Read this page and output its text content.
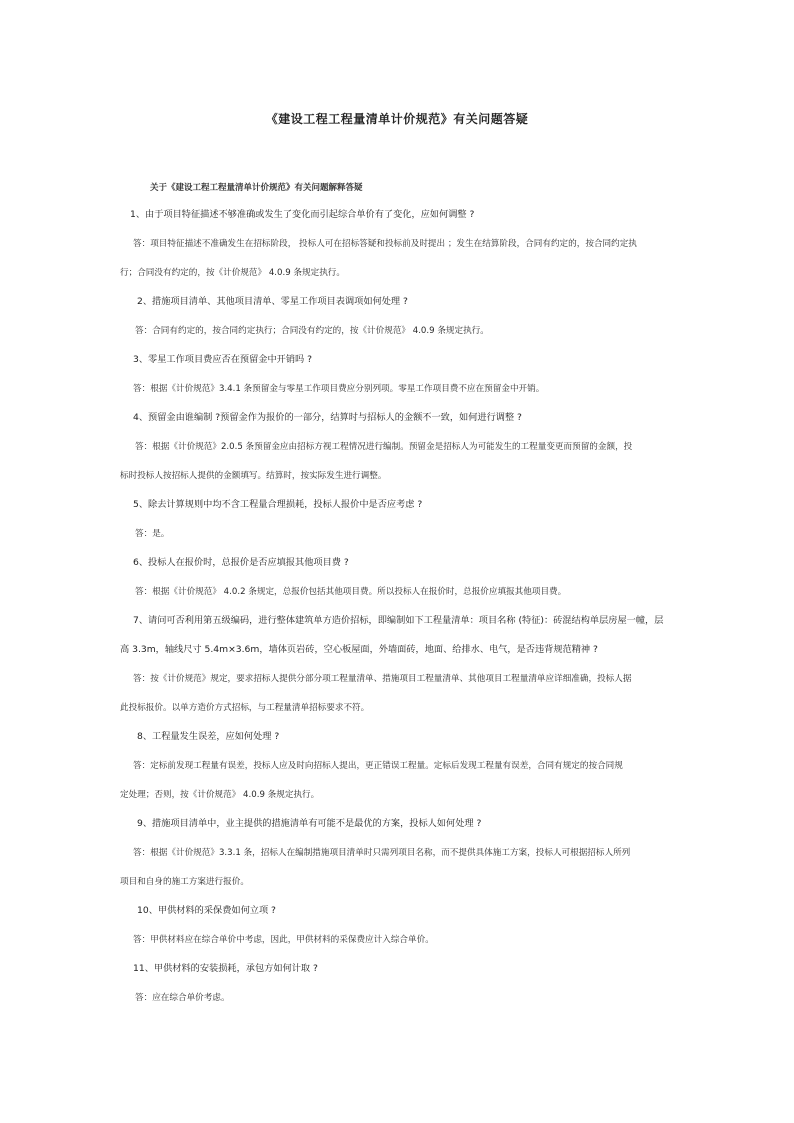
《建设工程工程量清单计价规范》有关问题答疑
关于《建设工程工程量清单计价规范》有关问题解释答疑
1、由于项目特征描述不够准确或发生了变化而引起综合单价有了变化，应如何调整 ?
答：项目特征描述不准确发生在招标阶段， 投标人可在招标答疑和投标前及时提出 ；发生在结算阶段，合同有约定的，按合同约定执
行；合同没有约定的，按《计价规范》 4.0.9 条规定执行。
2、措施项目清单、其他项目清单、零星工作项目表调项如何处理 ?
答：合同有约定的，按合同约定执行；合同没有约定的，按《计价规范》 4.0.9 条规定执行。
3、零星工作项目费应否在预留金中开销吗 ?
答：根据《计价规范》3.4.1 条预留金与零星工作项目费应分别列项。零星工作项目费不应在预留金中开销。
4、预留金由谁编制 ?预留金作为报价的一部分，结算时与招标人的金额不一致，如何进行调整 ?
答：根据《计价规范》2.0.5 条预留金应由招标方视工程情况进行编制。预留金是招标人为可能发生的工程量变更而预留的金额，投
标时投标人按招标人提供的金额填写。结算时，按实际发生进行调整。
5、除去计算规则中均不含工程量合理损耗，投标人报价中是否应考虑 ?
答：是。
6、投标人在报价时，总报价是否应填报其他项目费 ?
答：根据《计价规范》 4.0.2 条规定，总报价包括其他项目费。所以投标人在报价时，总报价应填报其他项目费。
7、请问可否利用第五级编码，进行整体建筑单方造价招标，即编制如下工程量清单：项目名称 (特征)：砖混结构单层房屋一幢，层
高 3.3m，轴线尺寸 5.4m×3.6m，墙体页岩砖，空心板屋面，外墙面砖，地面、给排水、电气，是否违背规范精神 ?
答：按《计价规范》规定，要求招标人提供分部分项工程量清单、措施项目工程量清单、其他项目工程量清单应详细准确，投标人据
此投标报价。以单方造价方式招标，与工程量清单招标要求不符。
8、工程量发生误差，应如何处理 ?
答：定标前发现工程量有误差，投标人应及时向招标人提出，更正错误工程量。定标后发现工程量有误差，合同有规定的按合同规
定处理；否则，按《计价规范》 4.0.9 条规定执行。
9、措施项目清单中，业主提供的措施清单有可能不是最优的方案，投标人如何处理 ?
答：根据《计价规范》3.3.1 条，招标人在编制措施项目清单时只需列项目名称，而不提供具体施工方案，投标人可根据招标人所列
项目和自身的施工方案进行报价。
10、甲供材料的采保费如何立项 ?
答：甲供材料应在综合单价中考虑，因此，甲供材料的采保费应计入综合单价。
11、甲供材料的安装损耗，承包方如何计取 ?
答：应在综合单价考虑。
